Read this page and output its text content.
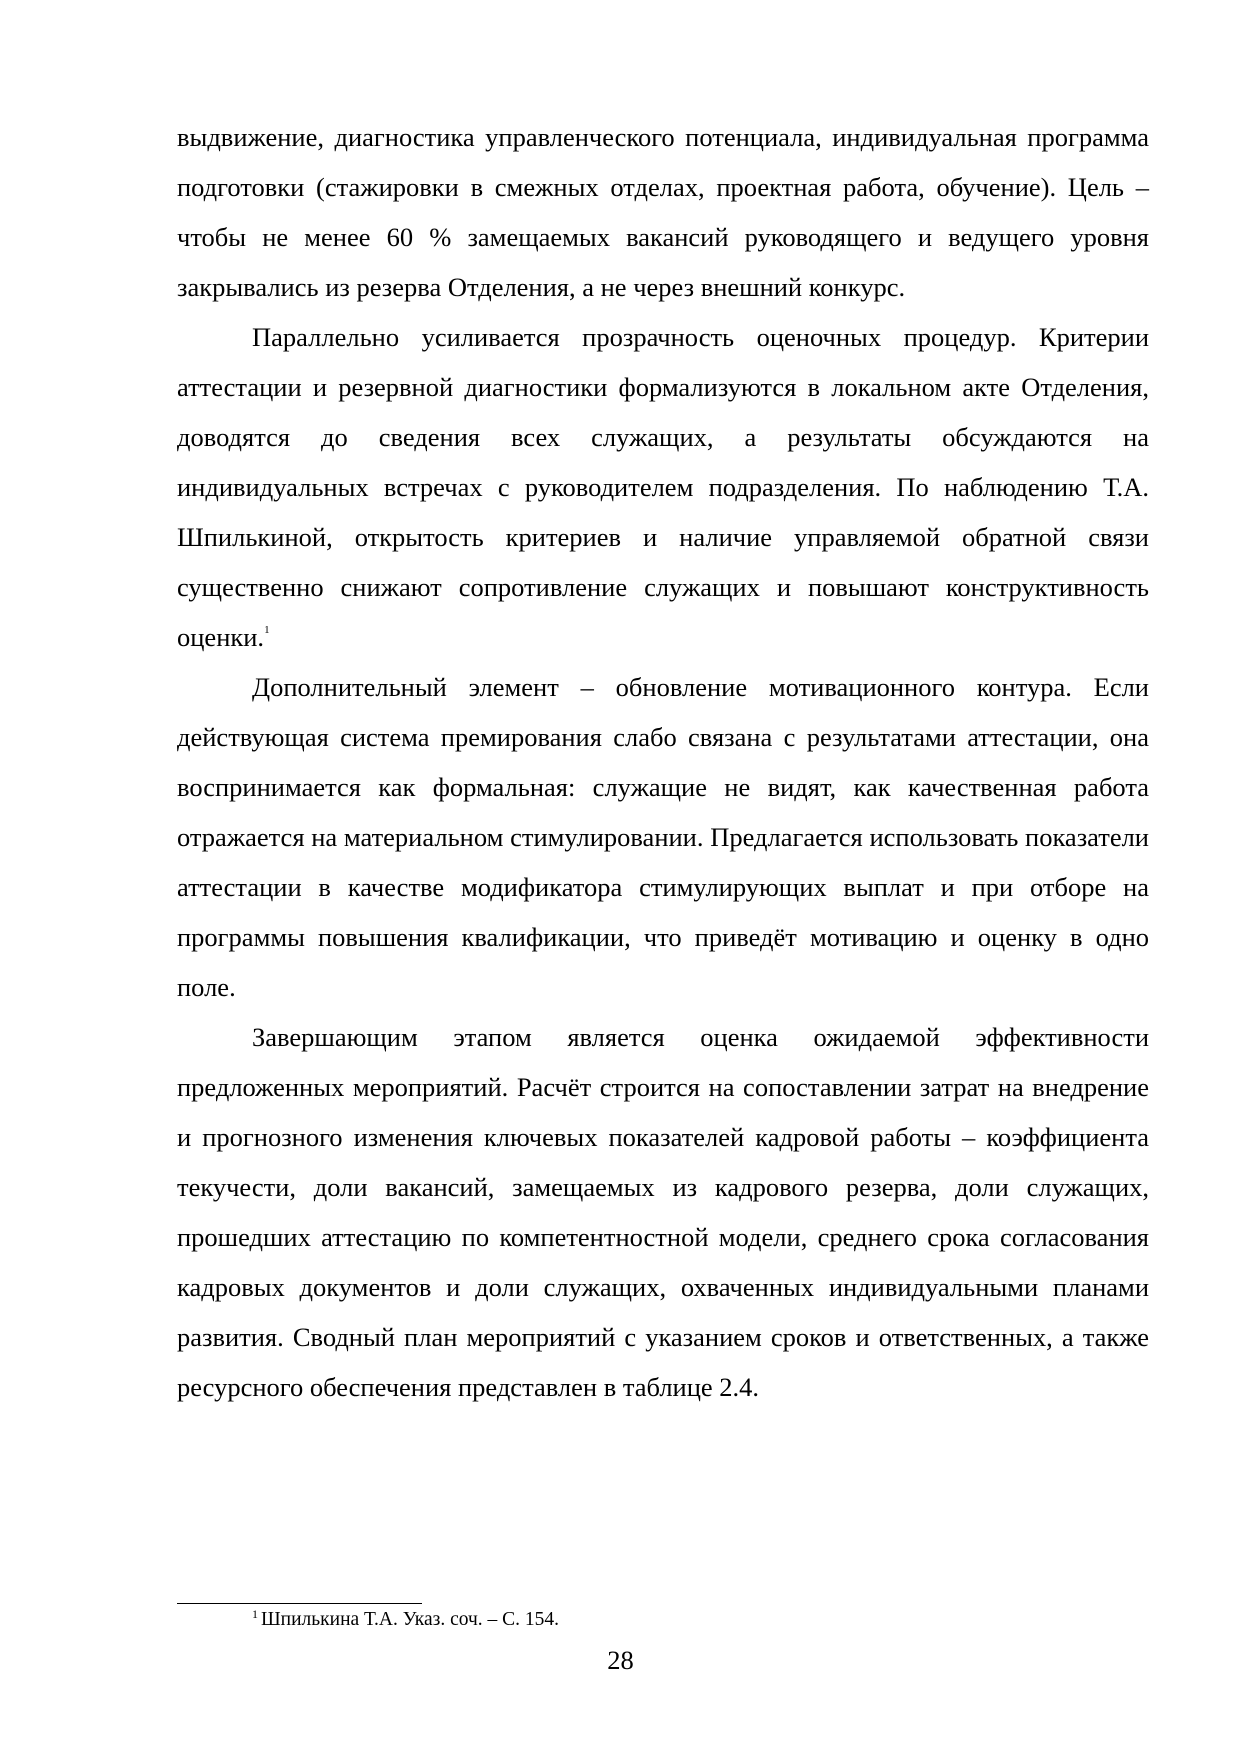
выдвижение, диагностика управленческого потенциала, индивидуальная программа подготовки (стажировки в смежных отделах, проектная работа, обучение). Цель – чтобы не менее 60 % замещаемых вакансий руководящего и ведущего уровня закрывались из резерва Отделения, а не через внешний конкурс.

Параллельно усиливается прозрачность оценочных процедур. Критерии аттестации и резервной диагностики формализуются в локальном акте Отделения, доводятся до сведения всех служащих, а результаты обсуждаются на индивидуальных встречах с руководителем подразделения. По наблюдению Т.А. Шпилькиной, открытость критериев и наличие управляемой обратной связи существенно снижают сопротивление служащих и повышают конструктивность оценки.$^1$

Дополнительный элемент – обновление мотивационного контура. Если действующая система премирования слабо связана с результатами аттестации, она воспринимается как формальная: служащие не видят, как качественная работа отражается на материальном стимулировании. Предлагается использовать показатели аттестации в качестве модификатора стимулирующих выплат и при отборе на программы повышения квалификации, что приведёт мотивацию и оценку в одно поле.

Завершающим этапом является оценка ожидаемой эффективности предложенных мероприятий. Расчёт строится на сопоставлении затрат на внедрение и прогнозного изменения ключевых показателей кадровой работы – коэффициента текучести, доли вакансий, замещаемых из кадрового резерва, доли служащих, прошедших аттестацию по компетентностной модели, среднего срока согласования кадровых документов и доли служащих, охваченных индивидуальными планами развития. Сводный план мероприятий с указанием сроков и ответственных, а также ресурсного обеспечения представлен в таблице 2.4.

$^1$ Шпилькина Т.А. Указ. соч. – С. 154.
28
